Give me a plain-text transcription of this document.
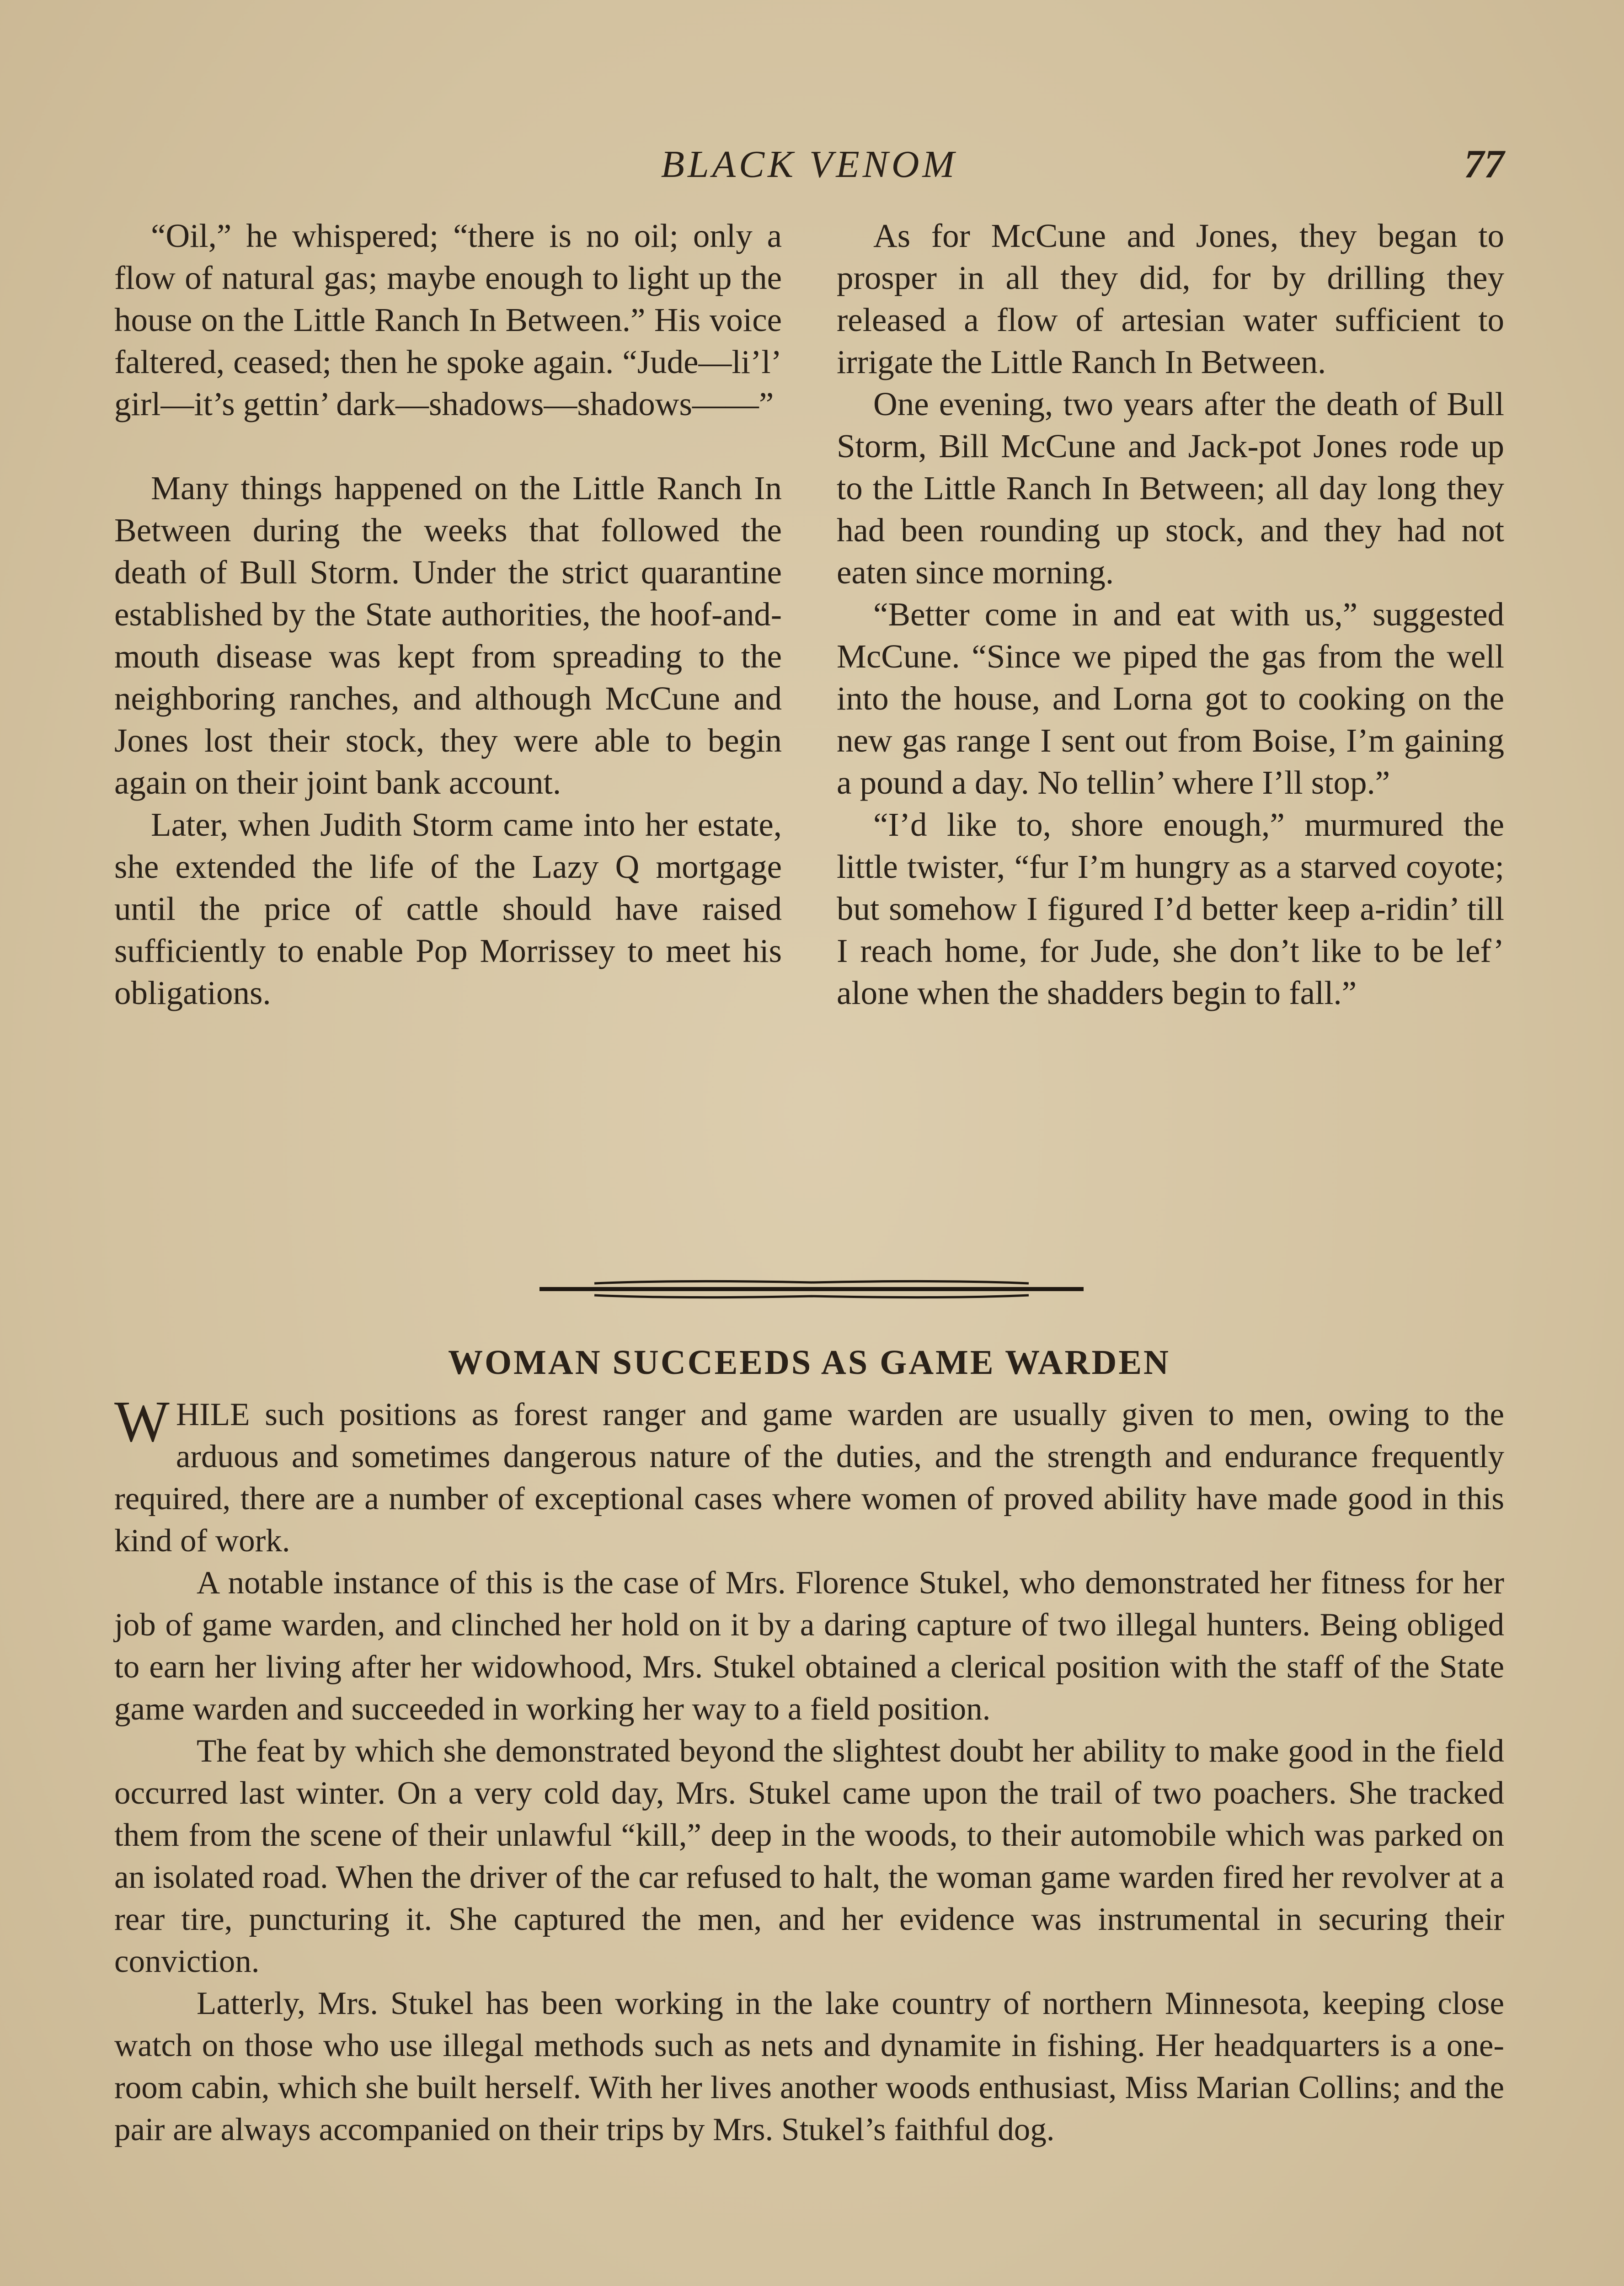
BLACK VENOM	77

“Oil,” he whispered; “there is no oil; only a flow of natural gas; maybe enough to light up the house on the Little Ranch In Between.” His voice faltered, ceased; then he spoke again. “Jude—li’l’ girl—it’s gettin’ dark—shadows—shadows——”

Many things happened on the Little Ranch In Between during the weeks that followed the death of Bull Storm. Under the strict quarantine established by the State authorities, the hoof-and-mouth disease was kept from spreading to the neighboring ranches, and although McCune and Jones lost their stock, they were able to begin again on their joint bank account.

Later, when Judith Storm came into her estate, she extended the life of the Lazy Q mortgage until the price of cattle should have raised sufficiently to enable Pop Morrissey to meet his obligations.

As for McCune and Jones, they began to prosper in all they did, for by drilling they released a flow of artesian water sufficient to irrigate the Little Ranch In Between.

One evening, two years after the death of Bull Storm, Bill McCune and Jack-pot Jones rode up to the Little Ranch In Between; all day long they had been rounding up stock, and they had not eaten since morning.

“Better come in and eat with us,” suggested McCune. “Since we piped the gas from the well into the house, and Lorna got to cooking on the new gas range I sent out from Boise, I’m gaining a pound a day. No tellin’ where I’ll stop.”

“I’d like to, shore enough,” murmured the little twister, “fur I’m hungry as a starved coyote; but somehow I figured I’d better keep a-ridin’ till I reach home, for Jude, she don’t like to be lef’ alone when the shadders begin to fall.”

WOMAN SUCCEEDS AS GAME WARDEN

WHILE such positions as forest ranger and game warden are usually given to men, owing to the arduous and sometimes dangerous nature of the duties, and the strength and endurance frequently required, there are a number of exceptional cases where women of proved ability have made good in this kind of work.

A notable instance of this is the case of Mrs. Florence Stukel, who demonstrated her fitness for her job of game warden, and clinched her hold on it by a daring capture of two illegal hunters. Being obliged to earn her living after her widowhood, Mrs. Stukel obtained a clerical position with the staff of the State game warden and succeeded in working her way to a field position.

The feat by which she demonstrated beyond the slightest doubt her ability to make good in the field occurred last winter. On a very cold day, Mrs. Stukel came upon the trail of two poachers. She tracked them from the scene of their unlawful “kill,” deep in the woods, to their automobile which was parked on an isolated road. When the driver of the car refused to halt, the woman game warden fired her revolver at a rear tire, puncturing it. She captured the men, and her evidence was instrumental in securing their conviction.

Latterly, Mrs. Stukel has been working in the lake country of northern Minnesota, keeping close watch on those who use illegal methods such as nets and dynamite in fishing. Her headquarters is a one-room cabin, which she built herself. With her lives another woods enthusiast, Miss Marian Collins; and the pair are always accompanied on their trips by Mrs. Stukel’s faithful dog.
